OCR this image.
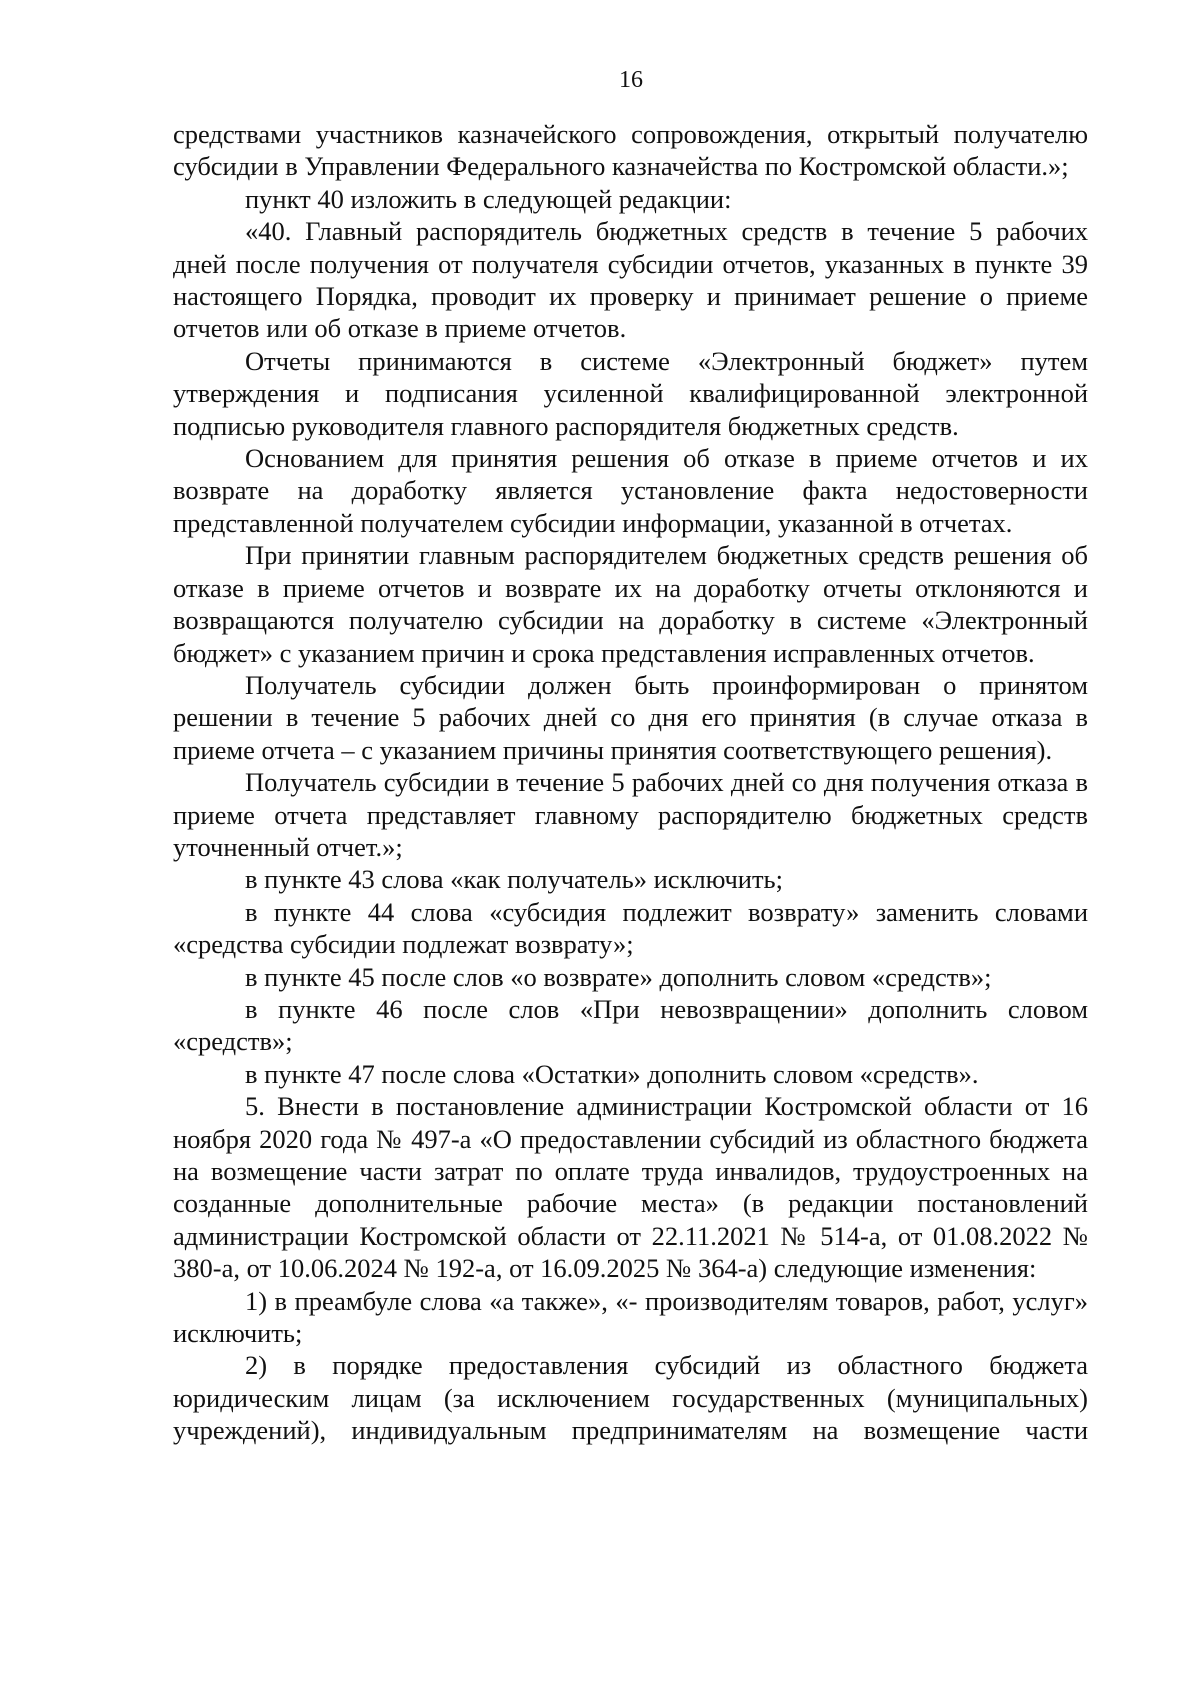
16

средствами участников казначейского сопровождения, открытый получателю субсидии в Управлении Федерального казначейства по Костромской области.»;

пункт 40 изложить в следующей редакции:

«40. Главный распорядитель бюджетных средств в течение 5 рабочих дней после получения от получателя субсидии отчетов, указанных в пункте 39 настоящего Порядка, проводит их проверку и принимает решение о приеме отчетов или об отказе в приеме отчетов.

Отчеты принимаются в системе «Электронный бюджет» путем утверждения и подписания усиленной квалифицированной электронной подписью руководителя главного распорядителя бюджетных средств.

Основанием для принятия решения об отказе в приеме отчетов и их возврате на доработку является установление факта недостоверности представленной получателем субсидии информации, указанной в отчетах.

При принятии главным распорядителем бюджетных средств решения об отказе в приеме отчетов и возврате их на доработку отчеты отклоняются и возвращаются получателю субсидии на доработку в системе «Электронный бюджет» с указанием причин и срока представления исправленных отчетов.

Получатель субсидии должен быть проинформирован о принятом решении в течение 5 рабочих дней со дня его принятия (в случае отказа в приеме отчета – с указанием причины принятия соответствующего решения).

Получатель субсидии в течение 5 рабочих дней со дня получения отказа в приеме отчета представляет главному распорядителю бюджетных средств уточненный отчет.»;

в пункте 43 слова «как получатель» исключить;

в пункте 44 слова «субсидия подлежит возврату» заменить словами «средства субсидии подлежат возврату»;

в пункте 45 после слов «о возврате» дополнить словом «средств»;

в пункте 46 после слов «При невозвращении» дополнить словом «средств»;

в пункте 47 после слова «Остатки» дополнить словом «средств».

5. Внести в постановление администрации Костромской области от 16 ноября 2020 года № 497-а «О предоставлении субсидий из областного бюджета на возмещение части затрат по оплате труда инвалидов, трудоустроенных на созданные дополнительные рабочие места» (в редакции постановлений администрации Костромской области от 22.11.2021 № 514-а, от 01.08.2022 № 380-а, от 10.06.2024 № 192-а, от 16.09.2025 № 364-а) следующие изменения:

1) в преамбуле слова «а также», «- производителям товаров, работ, услуг» исключить;

2) в порядке предоставления субсидий из областного бюджета юридическим лицам (за исключением государственных (муниципальных) учреждений), индивидуальным предпринимателям на возмещение части
